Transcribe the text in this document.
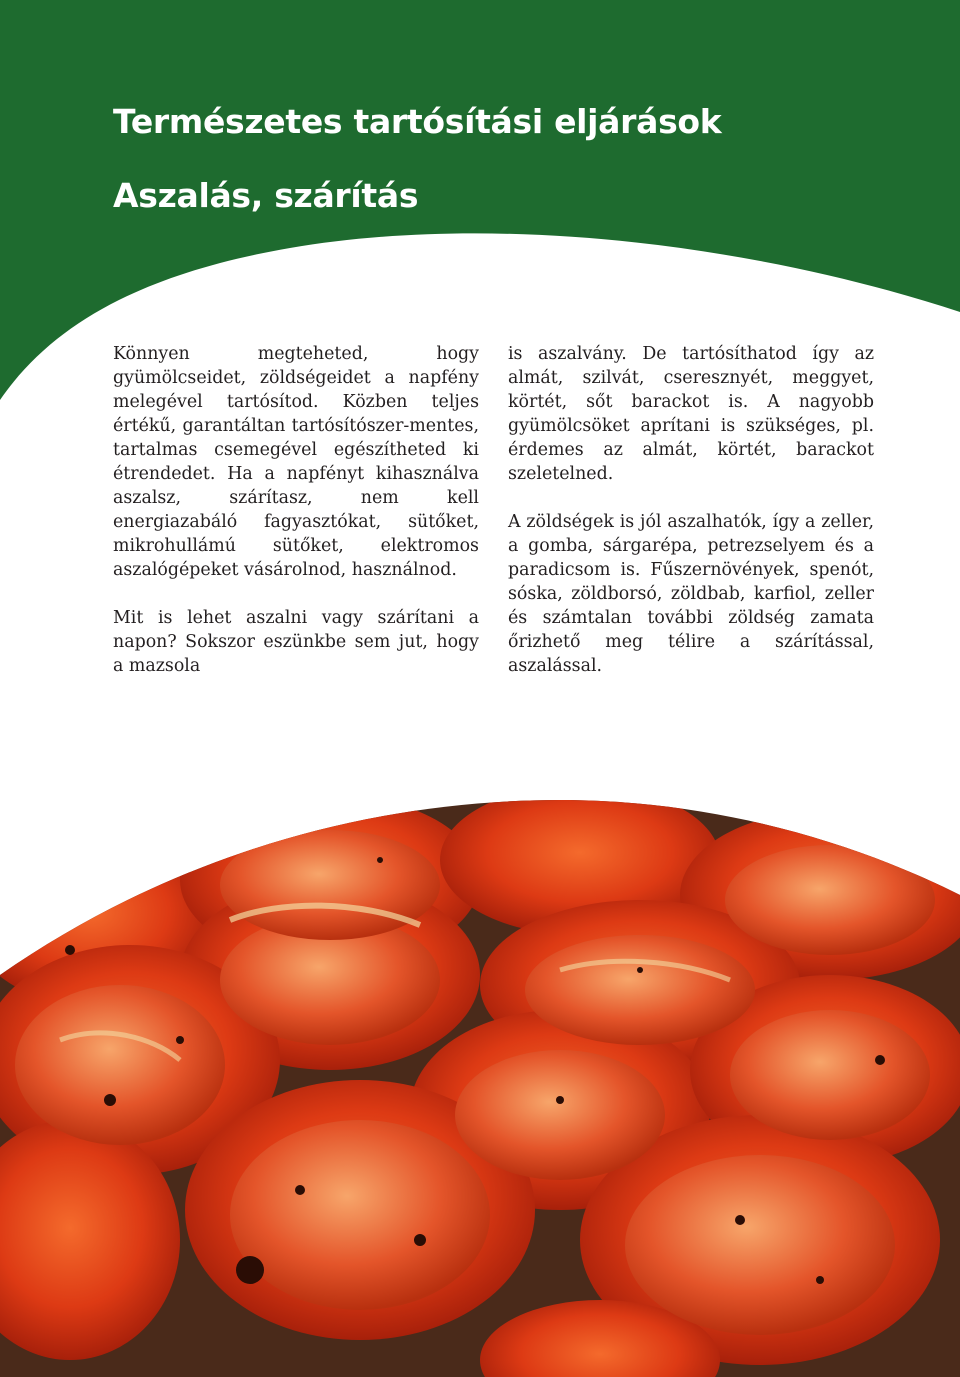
Természetes tartósítási eljárások
Aszalás, szárítás

Könnyen megteheted, hogy gyümölcseidet, zöldségeidet a napfény melegével tartósítod. Közben teljes értékű, garantáltan tartósítószer-mentes, tartalmas csemegével egészítheted ki étrendedet. Ha a napfényt kihasználva aszalsz, szárítasz, nem kell energiazabáló fagyasztókat, sütőket, mikrohullámú sütőket, elektromos aszalógépeket vásárolnod, használnod.

Mit is lehet aszalni vagy szárítani a napon? Sokszor eszünkbe sem jut, hogy a mazsola

is aszalvány. De tartósíthatod így az almát, szilvát, cseresznyét, meggyet, körtét, sőt barackot is. A nagyobb gyümölcsöket aprítani is szükséges, pl. érdemes az almát, körtét, barackot szeletelned.

A zöldségek is jól aszalhatók, így a zeller, a gomba, sárgarépa, petrezselyem és a paradicsom is. Fűszernövények, spenót, sóska, zöldborsó, zöldbab, karfiol, zeller és számtalan további zöldség zamata őrizhető meg télire a szárítással, aszalással.
